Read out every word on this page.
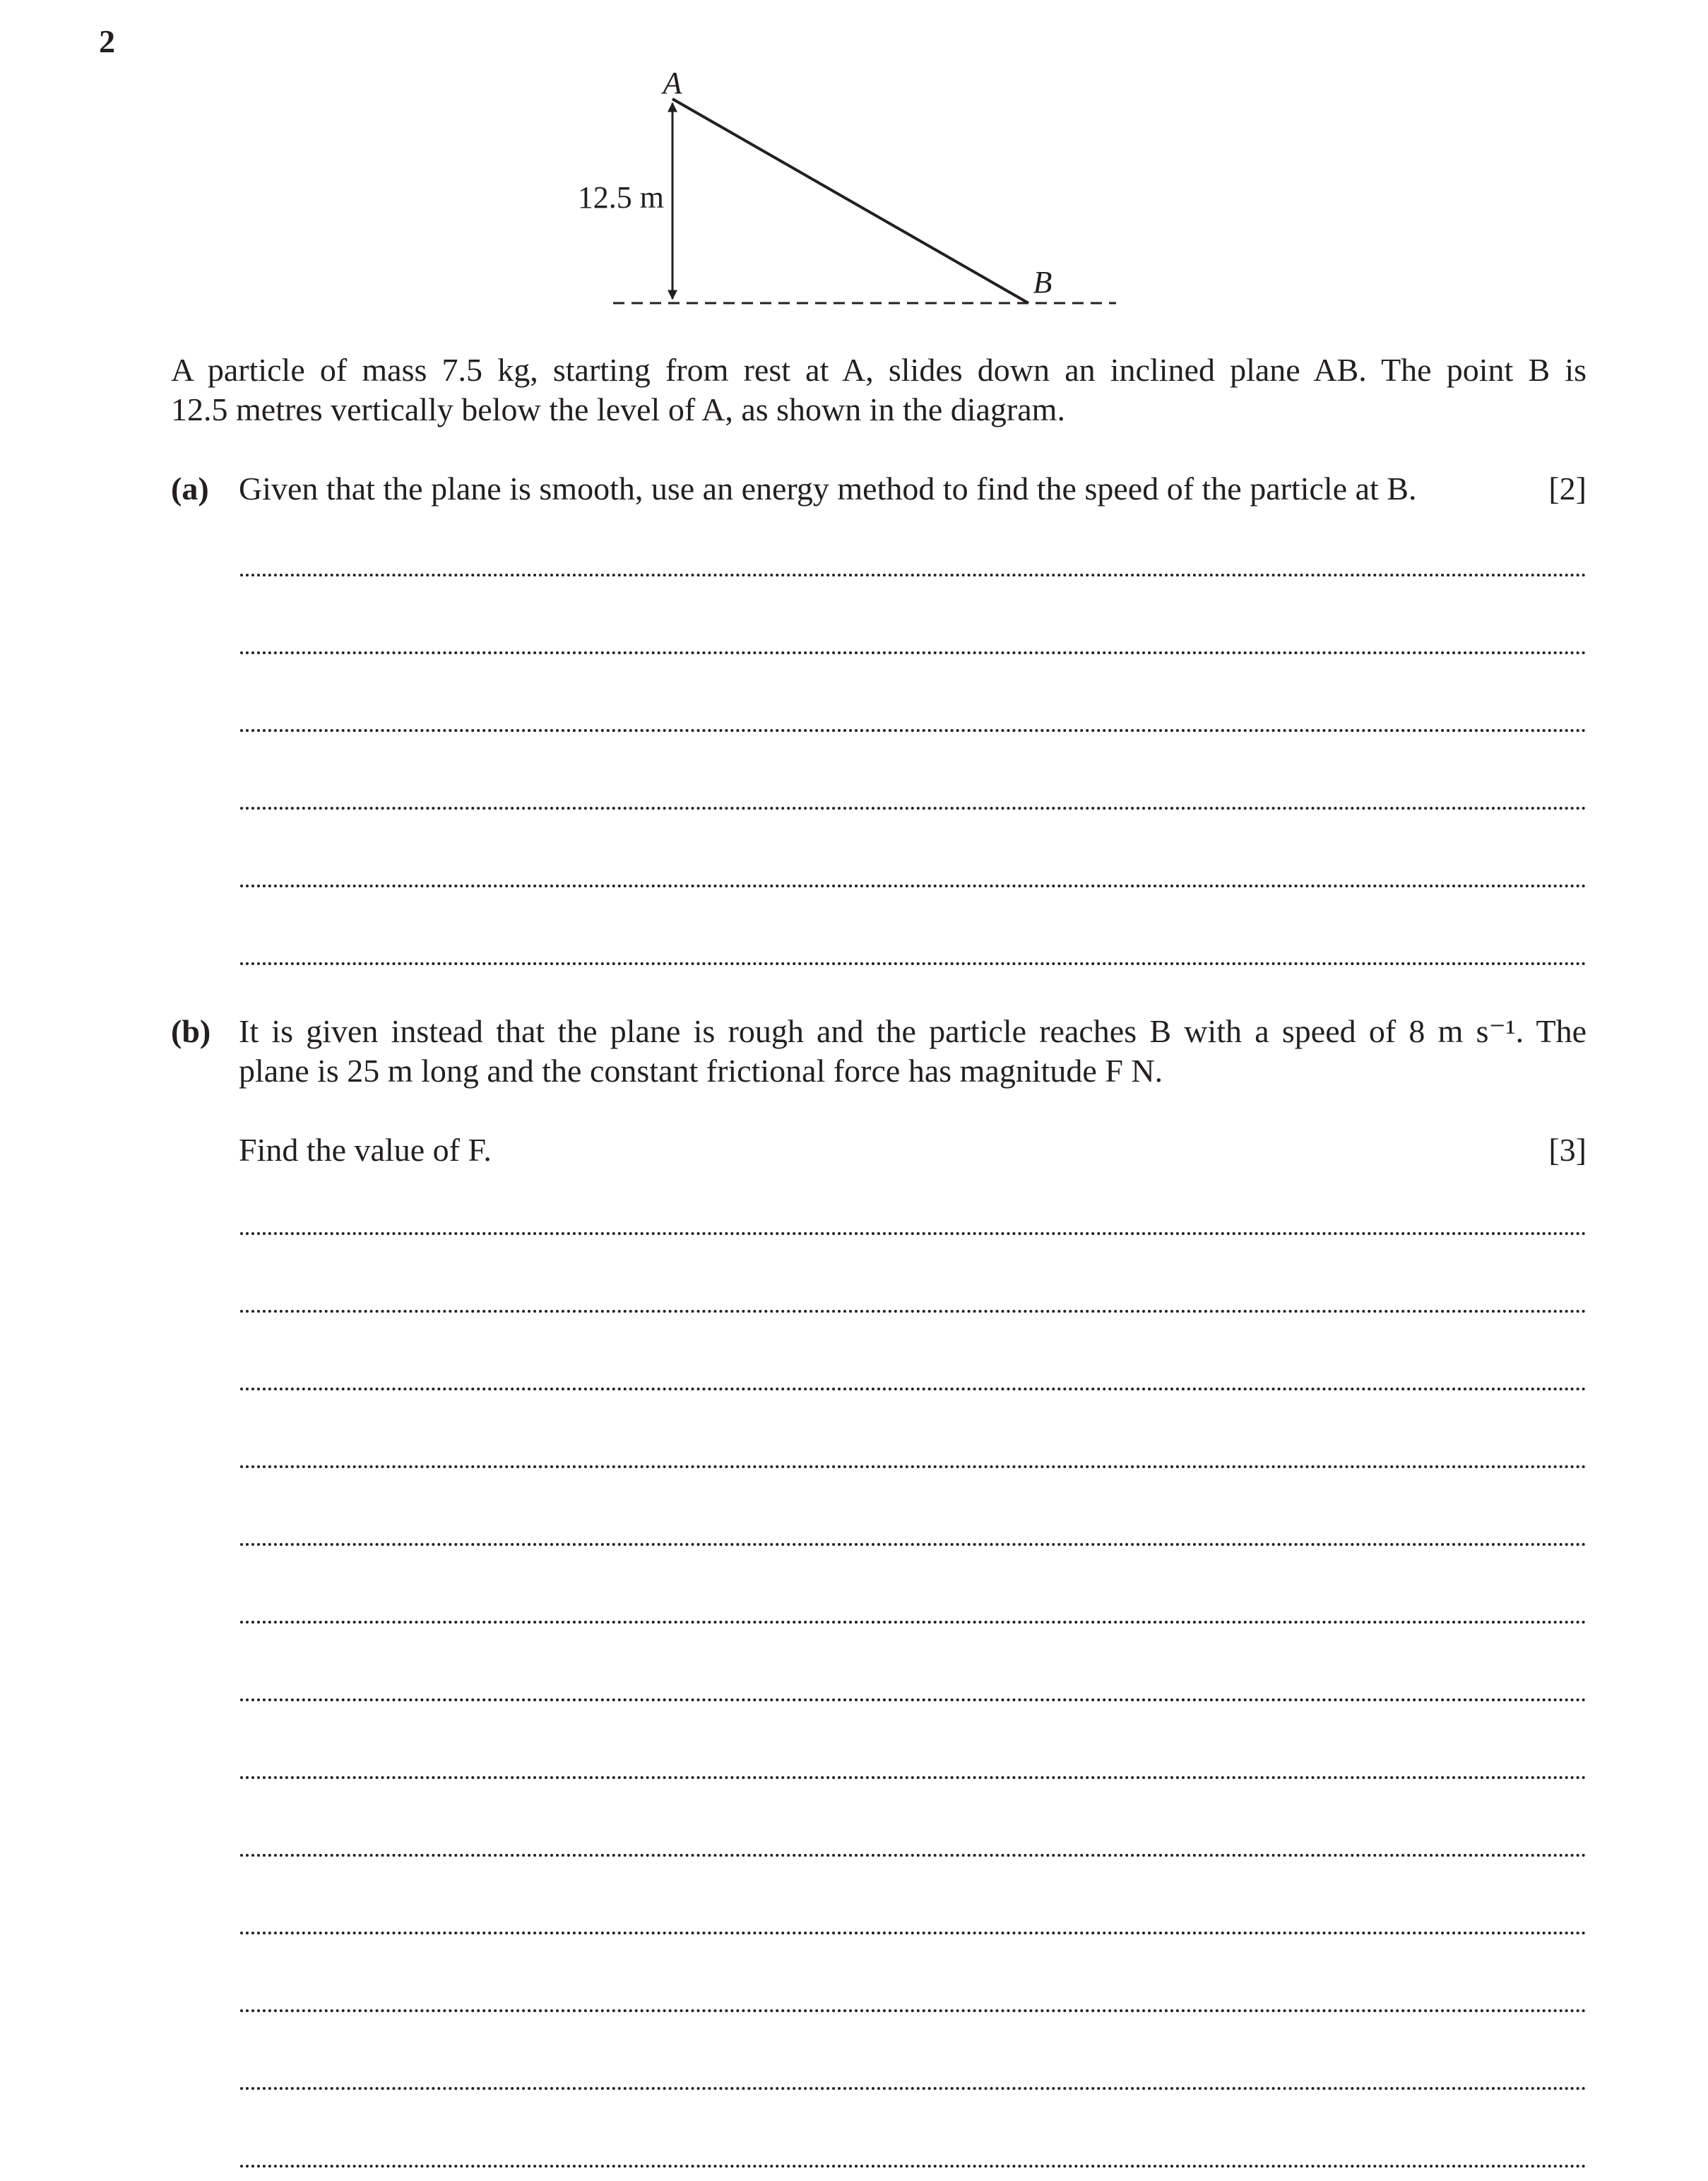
2
A
B
12.5 m
A particle of mass 7.5 kg, starting from rest at A, slides down an inclined plane AB. The point B is
12.5 metres vertically below the level of A, as shown in the diagram.
(a) Given that the plane is smooth, use an energy method to find the speed of the particle at B.	[2]
(b) It is given instead that the plane is rough and the particle reaches B with a speed of 8 m s⁻¹. The
plane is 25 m long and the constant frictional force has magnitude F N.
Find the value of F.	[3]
